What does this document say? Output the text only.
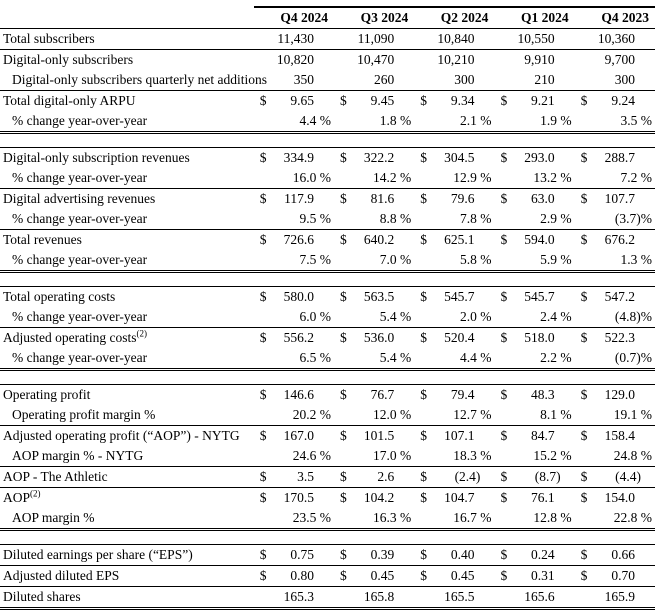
	Q4 2024		Q3 2024		Q2 2024		Q1 2024		Q4 2023	
Total subscribers		11,430		11,090		10,840		10,550		10,360
Digital-only subscribers		10,820		10,470		10,210		9,910		9,700
Digital-only subscribers quarterly net additions		350		260		300		210		300
Total digital-only ARPU	$	9.65	$	9.45	$	9.34	$	9.21	$	9.24
% change year-over-year		4.4 %		1.8 %		2.1 %		1.9 %		3.5 %

Digital-only subscription revenues	$	334.9	$	322.2	$	304.5	$	293.0	$	288.7
% change year-over-year		16.0 %		14.2 %		12.9 %		13.2 %		7.2 %
Digital advertising revenues	$	117.9	$	81.6	$	79.6	$	63.0	$	107.7
% change year-over-year		9.5 %		8.8 %		7.8 %		2.9 %		(3.7)%
Total revenues	$	726.6	$	640.2	$	625.1	$	594.0	$	676.2
% change year-over-year		7.5 %		7.0 %		5.8 %		5.9 %		1.3 %

Total operating costs	$	580.0	$	563.5	$	545.7	$	545.7	$	547.2
% change year-over-year		6.0 %		5.4 %		2.0 %		2.4 %		(4.8)%
Adjusted operating costs$^{(2)}$	$	556.2	$	536.0	$	520.4	$	518.0	$	522.3
% change year-over-year		6.5 %		5.4 %		4.4 %		2.2 %		(0.7)%

Operating profit	$	146.6	$	76.7	$	79.4	$	48.3	$	129.0
Operating profit margin %		20.2 %		12.0 %		12.7 %		8.1 %		19.1 %
Adjusted operating profit (“AOP”) - NYTG	$	167.0	$	101.5	$	107.1	$	84.7	$	158.4
AOP margin % - NYTG		24.6 %		17.0 %		18.3 %		15.2 %		24.8 %
AOP - The Athletic	$	3.5	$	2.6	$	(2.4)	$	(8.7)	$	(4.4)
AOP$^{(2)}$	$	170.5	$	104.2	$	104.7	$	76.1	$	154.0
AOP margin %		23.5 %		16.3 %		16.7 %		12.8 %		22.8 %

Diluted earnings per share (“EPS”)	$	0.75	$	0.39	$	0.40	$	0.24	$	0.66
Adjusted diluted EPS	$	0.80	$	0.45	$	0.45	$	0.31	$	0.70
Diluted shares		165.3		165.8		165.5		165.6		165.9
